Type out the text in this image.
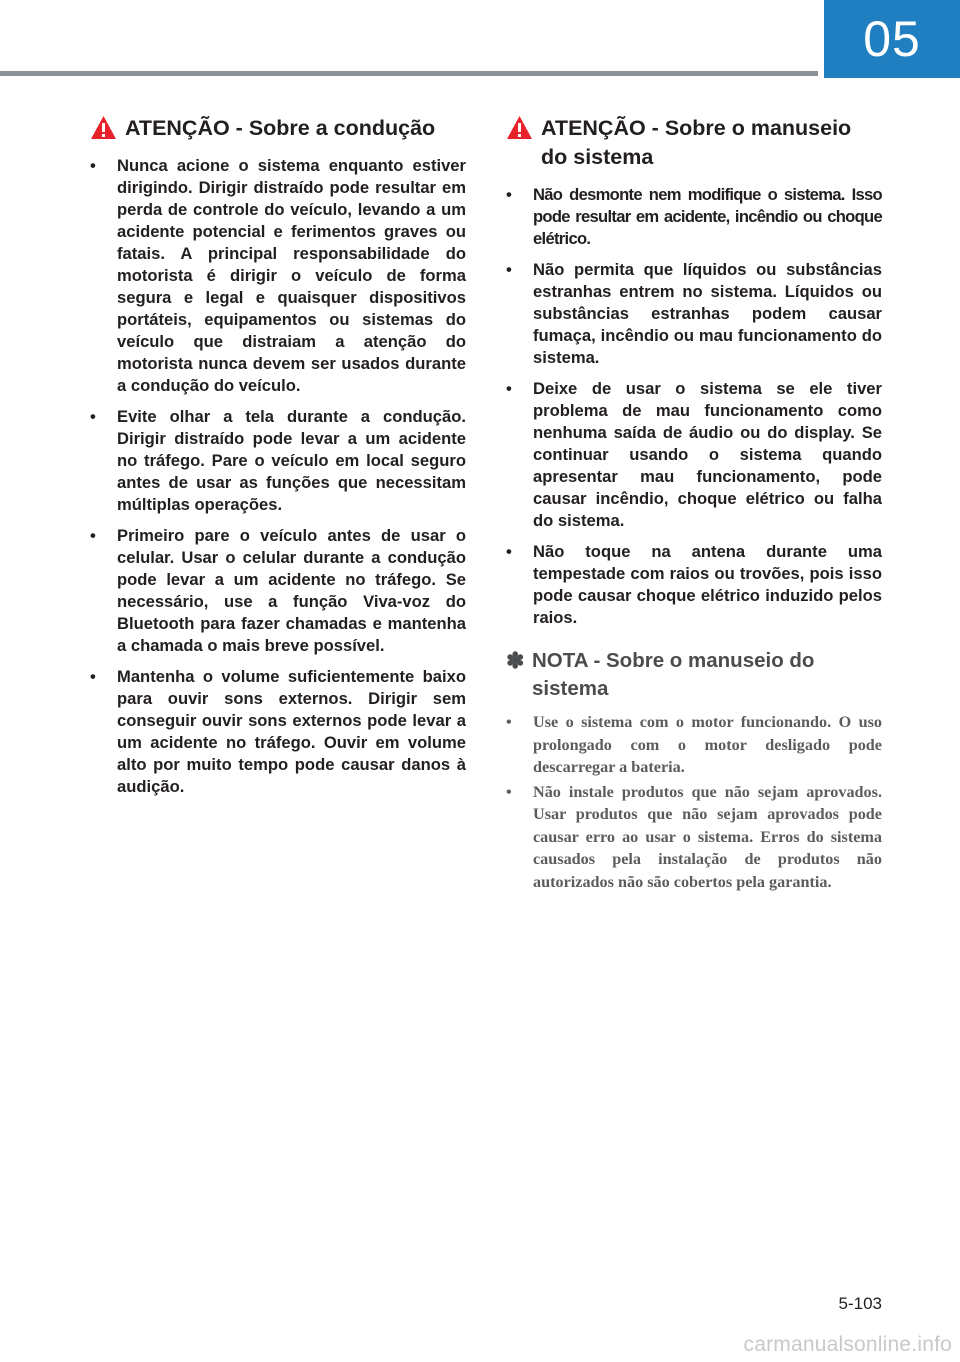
05
ATENÇÃO - Sobre a condução
• Nunca acione o sistema enquanto estiver dirigindo. Dirigir distraído pode resultar em perda de controle do veículo, levando a um acidente potencial e ferimentos graves ou fatais. A principal responsabilidade do motorista é dirigir o veículo de forma segura e legal e quaisquer dispositivos portáteis, equipamentos ou sistemas do veículo que distraiam a atenção do motorista nunca devem ser usados durante a condução do veículo.
• Evite olhar a tela durante a condução. Dirigir distraído pode levar a um acidente no tráfego. Pare o veículo em local seguro antes de usar as funções que necessitam múltiplas operações.
• Primeiro pare o veículo antes de usar o celular. Usar o celular durante a condução pode levar a um acidente no tráfego. Se necessário, use a função Viva-voz do Bluetooth para fazer chamadas e mantenha a chamada o mais breve possível.
• Mantenha o volume suficientemente baixo para ouvir sons externos. Dirigir sem conseguir ouvir sons externos pode levar a um acidente no tráfego. Ouvir em volume alto por muito tempo pode causar danos à audição.
ATENÇÃO - Sobre o manuseio do sistema
• Não desmonte nem modifique o sistema. Isso pode resultar em acidente, incêndio ou choque elétrico.
• Não permita que líquidos ou substâncias estranhas entrem no sistema. Líquidos ou substâncias estranhas podem causar fumaça, incêndio ou mau funcionamento do sistema.
• Deixe de usar o sistema se ele tiver problema de mau funcionamento como nenhuma saída de áudio ou do display. Se continuar usando o sistema quando apresentar mau funcionamento, pode causar incêndio, choque elétrico ou falha do sistema.
• Não toque na antena durante uma tempestade com raios ou trovões, pois isso pode causar choque elétrico induzido pelos raios.
✽ NOTA - Sobre o manuseio do sistema
• Use o sistema com o motor funcionando. O uso prolongado com o motor desligado pode descarregar a bateria.
• Não instale produtos que não sejam aprovados. Usar produtos que não sejam aprovados pode causar erro ao usar o sistema. Erros do sistema causados pela instalação de produtos não autorizados não são cobertos pela garantia.
5-103
carmanualsonline.info
